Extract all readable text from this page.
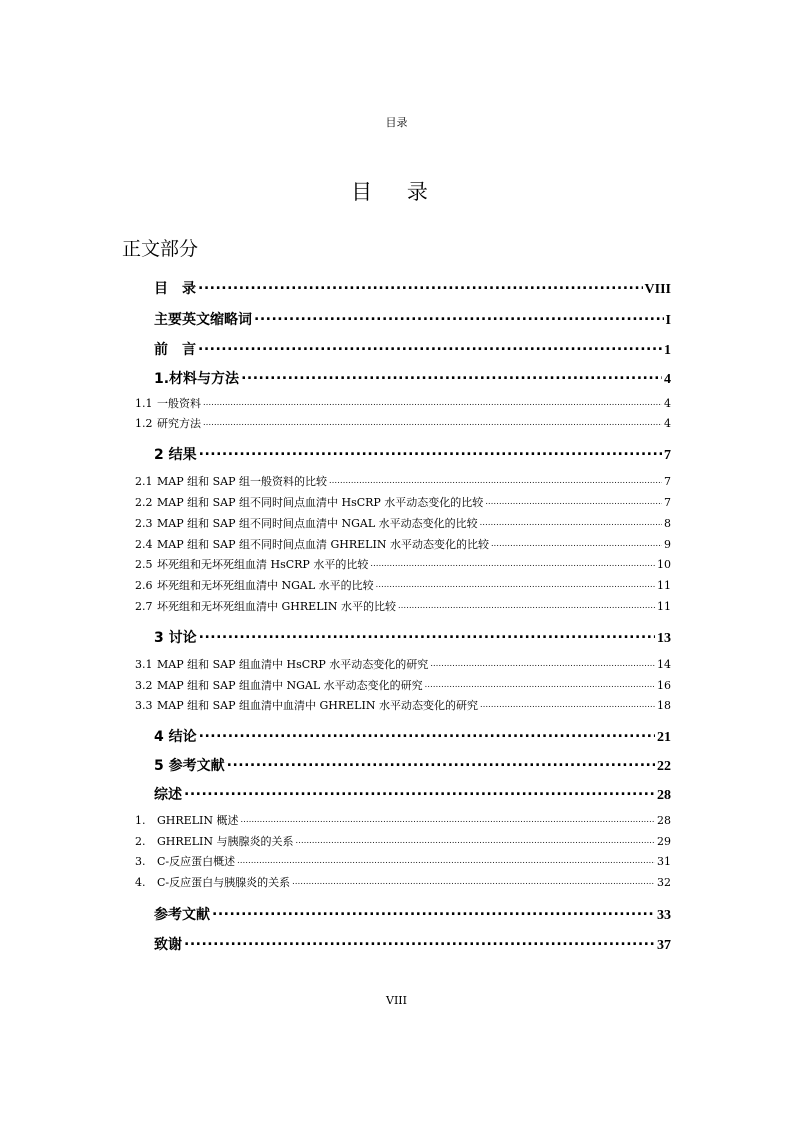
目录
目 录
正文部分
目　录 .....	VIII
主要英文缩略词 .....	I
前　言 .....	1
1.材料与方法 .....	4
1.1 一般资料 .....	4
1.2 研究方法 .....	4
2 结果 .....	7
2.1 MAP 组和 SAP 组一般资料的比较 .....	7
2.2 MAP 组和 SAP 组不同时间点血清中 HsCRP 水平动态变化的比较 .....	7
2.3 MAP 组和 SAP 组不同时间点血清中 NGAL 水平动态变化的比较 .....	8
2.4 MAP 组和 SAP 组不同时间点血清 GHRELIN 水平动态变化的比较 .....	9
2.5 坏死组和无坏死组血清 HsCRP 水平的比较 .....	10
2.6 坏死组和无坏死组血清中 NGAL 水平的比较 .....	11
2.7 坏死组和无坏死组血清中 GHRELIN 水平的比较 .....	11
3 讨论 .....	13
3.1 MAP 组和 SAP 组血清中 HsCRP 水平动态变化的研究 .....	14
3.2 MAP 组和 SAP 组血清中 NGAL 水平动态变化的研究 .....	16
3.3 MAP 组和 SAP 组血清中血清中 GHRELIN 水平动态变化的研究 .....	18
4 结论 .....	21
5 参考文献 .....	22
综述 .....	28
1.	GHRELIN 概述 .....	28
2.	GHRELIN 与胰腺炎的关系 .....	29
3.	C-反应蛋白概述 .....	31
4.	C-反应蛋白与胰腺炎的关系 .....	32
参考文献 .....	33
致谢 .....	37
VIII
